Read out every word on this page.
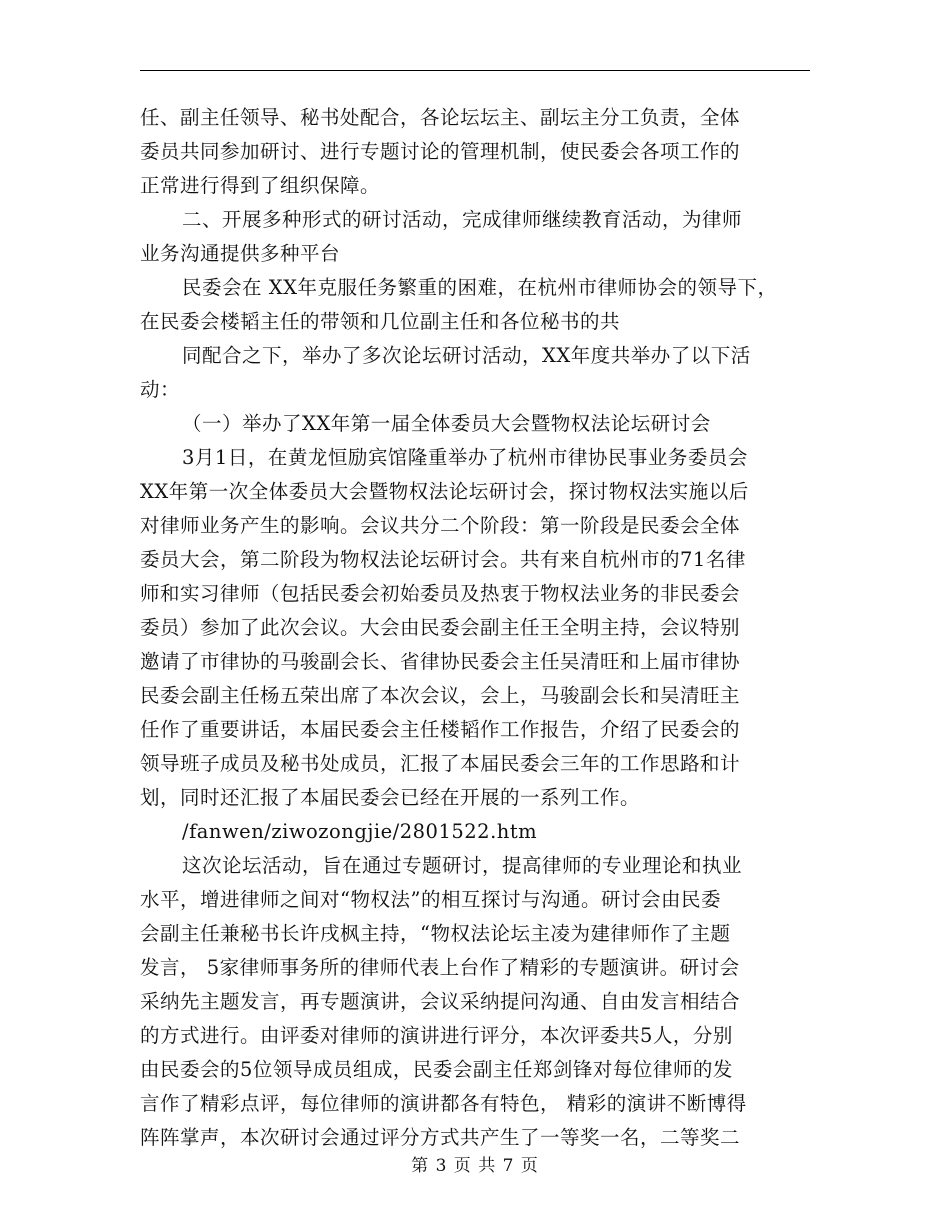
任、副主任领导、秘书处配合，各论坛坛主、副坛主分工负责，全体
委员共同参加研讨、进行专题讨论的管理机制，使民委会各项工作的
正常进行得到了组织保障。
二、开展多种形式的研讨活动，完成律师继续教育活动，为律师
业务沟通提供多种平台
民委会在 XX年克服任务繁重的困难，在杭州市律师协会的领导下，
在民委会楼韬主任的带领和几位副主任和各位秘书的共
同配合之下，举办了多次论坛研讨活动，XX年度共举办了以下活
动：
（一）举办了XX年第一届全体委员大会暨物权法论坛研讨会
3月1日，在黄龙恒励宾馆隆重举办了杭州市律协民事业务委员会
XX年第一次全体委员大会暨物权法论坛研讨会，探讨物权法实施以后
对律师业务产生的影响。会议共分二个阶段：第一阶段是民委会全体
委员大会，第二阶段为物权法论坛研讨会。共有来自杭州市的71名律
师和实习律师（包括民委会初始委员及热衷于物权法业务的非民委会
委员）参加了此次会议。大会由民委会副主任王全明主持，会议特别
邀请了市律协的马骏副会长、省律协民委会主任吴清旺和上届市律协
民委会副主任杨五荣出席了本次会议，会上，马骏副会长和吴清旺主
任作了重要讲话，本届民委会主任楼韬作工作报告，介绍了民委会的
领导班子成员及秘书处成员，汇报了本届民委会三年的工作思路和计
划，同时还汇报了本届民委会已经在开展的一系列工作。
/fanwen/ziwozongjie/2801522.htm
这次论坛活动，旨在通过专题研讨，提高律师的专业理论和执业
水平，增进律师之间对“物权法”的相互探讨与沟通。研讨会由民委
会副主任兼秘书长许戌枫主持，“物权法论坛主凌为建律师作了主题
发言， 5家律师事务所的律师代表上台作了精彩的专题演讲。研讨会
采纳先主题发言，再专题演讲，会议采纳提问沟通、自由发言相结合
的方式进行。由评委对律师的演讲进行评分，本次评委共5人，分别
由民委会的5位领导成员组成，民委会副主任郑剑锋对每位律师的发
言作了精彩点评，每位律师的演讲都各有特色， 精彩的演讲不断博得
阵阵掌声，本次研讨会通过评分方式共产生了一等奖一名，二等奖二
第 3 页 共 7 页
